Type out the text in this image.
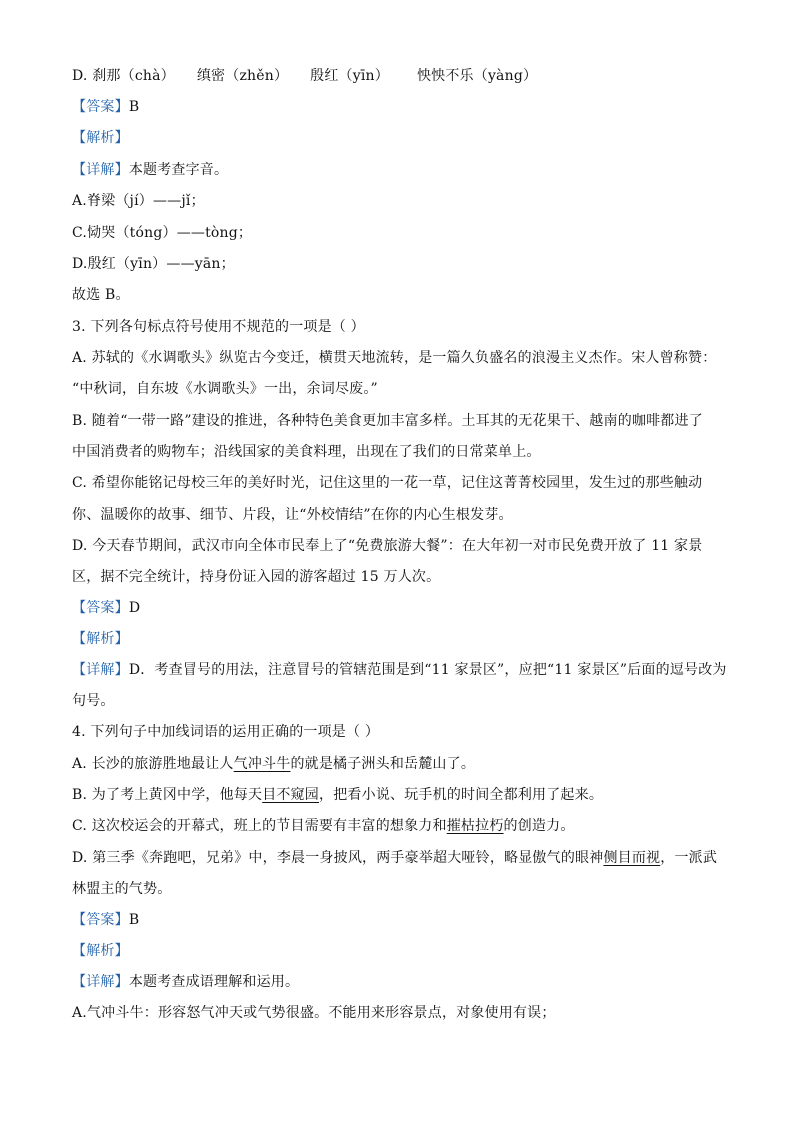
D. 刹那（chà） 缜密（zhěn） 殷红（yīn） 怏怏不乐（yàng）
【答案】B
【解析】
【详解】本题考查字音。
A.脊梁（jí）——jǐ；
C.恸哭（tóng）——tòng；
D.殷红（yīn）——yān；
故选 B。
3. 下列各句标点符号使用不规范的一项是（ ）
A. 苏轼的《水调歌头》纵览古今变迁，横贯天地流转，是一篇久负盛名的浪漫主义杰作。宋人曾称赞：
“中秋词，自东坡《水调歌头》一出，余词尽废。”
B. 随着“一带一路”建设的推进，各种特色美食更加丰富多样。土耳其的无花果干、越南的咖啡都进了
中国消费者的购物车；沿线国家的美食料理，出现在了我们的日常菜单上。
C. 希望你能铭记母校三年的美好时光，记住这里的一花一草，记住这菁菁校园里，发生过的那些触动
你、温暖你的故事、细节、片段，让“外校情结”在你的内心生根发芽。
D. 今天春节期间，武汉市向全体市民奉上了“免费旅游大餐”：在大年初一对市民免费开放了 11 家景
区，据不完全统计，持身份证入园的游客超过 15 万人次。
【答案】D
【解析】
【详解】D．考查冒号的用法，注意冒号的管辖范围是到“11 家景区”，应把“11 家景区”后面的逗号改为
句号。
4. 下列句子中加线词语的运用正确的一项是（ ）
A. 长沙的旅游胜地最让人气冲斗牛的就是橘子洲头和岳麓山了。
B. 为了考上黄冈中学，他每天目不窥园，把看小说、玩手机的时间全都利用了起来。
C. 这次校运会的开幕式，班上的节目需要有丰富的想象力和摧枯拉朽的创造力。
D. 第三季《奔跑吧，兄弟》中，李晨一身披风，两手豪举超大哑铃，略显傲气的眼神侧目而视，一派武
林盟主的气势。
【答案】B
【解析】
【详解】本题考查成语理解和运用。
A.气冲斗牛：形容怒气冲天或气势很盛。不能用来形容景点，对象使用有误；
